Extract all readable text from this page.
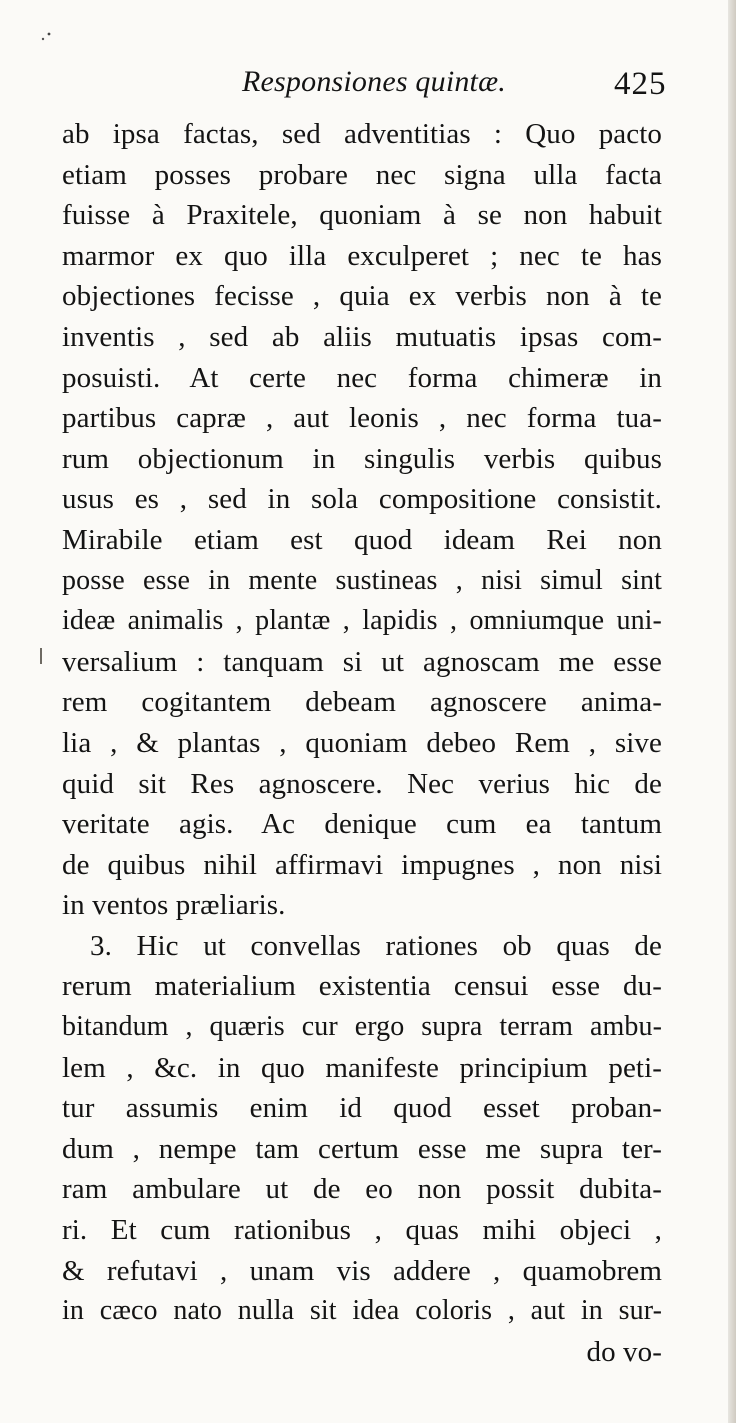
Responsiones quintæ.	425
ab ipsa factas, sed adventitias : Quo pacto
etiam posses probare nec signa ulla facta
fuisse à Praxitele, quoniam à se non habuit
marmor ex quo illa exculperet ; nec te has
objectiones fecisse , quia ex verbis non à te
inventis , sed ab aliis mutuatis ipsas com-
posuisti. At certe nec forma chimeræ in
partibus capræ , aut leonis , nec forma tua-
rum objectionum in singulis verbis quibus
usus es , sed in sola compositione consistit.
Mirabile etiam est quod ideam Rei non
posse esse in mente sustineas , nisi simul sint
ideæ animalis , plantæ , lapidis , omniumque uni-
versalium : tanquam si ut agnoscam me esse
rem cogitantem debeam agnoscere anima-
lia , & plantas , quoniam debeo Rem , sive
quid sit Res agnoscere. Nec verius hic de
veritate agis. Ac denique cum ea tantum
de quibus nihil affirmavi impugnes , non nisi
in ventos præliaris.
3. Hic ut convellas rationes ob quas de
rerum materialium existentia censui esse du-
bitandum , quæris cur ergo supra terram ambu-
lem , &c. in quo manifeste principium peti-
tur assumis enim id quod esset proban-
dum , nempe tam certum esse me supra ter-
ram ambulare ut de eo non possit dubita-
ri. Et cum rationibus , quas mihi objeci ,
& refutavi , unam vis addere , quamobrem
in cæco nato nulla sit idea coloris , aut in sur-
do vo-
